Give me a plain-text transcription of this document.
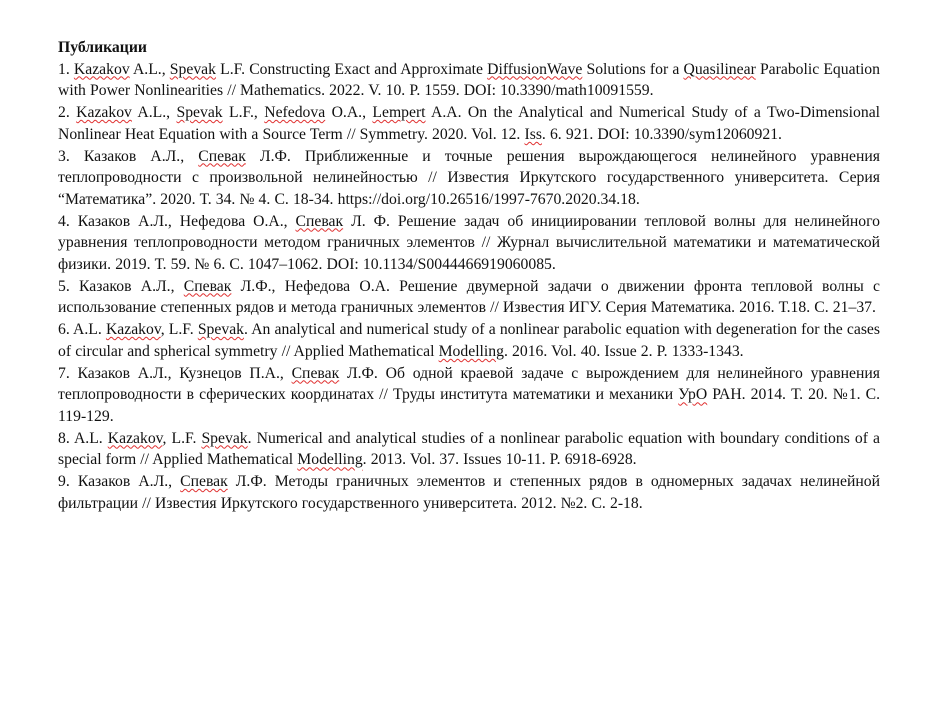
Публикации

1. Kazakov A.L., Spevak L.F. Constructing Exact and Approximate DiffusionWave Solutions for a Quasilinear Parabolic Equation with Power Nonlinearities // Mathematics. 2022. V. 10. P. 1559. DOI: 10.3390/math10091559.

2. Kazakov A.L., Spevak L.F., Nefedova O.A., Lempert A.A. On the Analytical and Numerical Study of a Two-Dimensional Nonlinear Heat Equation with a Source Term // Symmetry. 2020. Vol. 12. Iss. 6. 921. DOI: 10.3390/sym12060921.

3. Казаков А.Л., Спевак Л.Ф. Приближенные и точные решения вырождающегося нелинейного уравнения теплопроводности с произвольной нелинейностью // Известия Иркутского государственного университета. Серия “Математика”. 2020. Т. 34. № 4. С. 18-34. https://doi.org/10.26516/1997-7670.2020.34.18.

4. Казаков А.Л., Нефедова О.А., Спевак Л. Ф. Решение задач об инициировании тепловой волны для нелинейного уравнения теплопроводности методом граничных элементов // Журнал вычислительной математики и математической физики. 2019. Т. 59. № 6. С. 1047–1062. DOI: 10.1134/S0044466919060085.

5. Казаков А.Л., Спевак Л.Ф., Нефедова О.А. Решение двумерной задачи о движении фронта тепловой волны с использование степенных рядов и метода граничных элементов // Известия ИГУ. Серия Математика. 2016. Т.18. С. 21–37.

6. A.L. Kazakov, L.F. Spevak. An analytical and numerical study of a nonlinear parabolic equation with degeneration for the cases of circular and spherical symmetry // Applied Mathematical Modelling. 2016. Vol. 40. Issue 2. P. 1333-1343.

7. Казаков А.Л., Кузнецов П.А., Спевак Л.Ф. Об одной краевой задаче с вырождением для нелинейного уравнения теплопроводности в сферических координатах // Труды института математики и механики УрО РАН. 2014. Т. 20. №1. С. 119-129.

8. A.L. Kazakov, L.F. Spevak. Numerical and analytical studies of a nonlinear parabolic equation with boundary conditions of a special form // Applied Mathematical Modelling. 2013. Vol. 37. Issues 10-11. P. 6918-6928.

9. Казаков А.Л., Спевак Л.Ф. Методы граничных элементов и степенных рядов в одномерных задачах нелинейной фильтрации // Известия Иркутского государственного университета. 2012. №2. С. 2-18.
